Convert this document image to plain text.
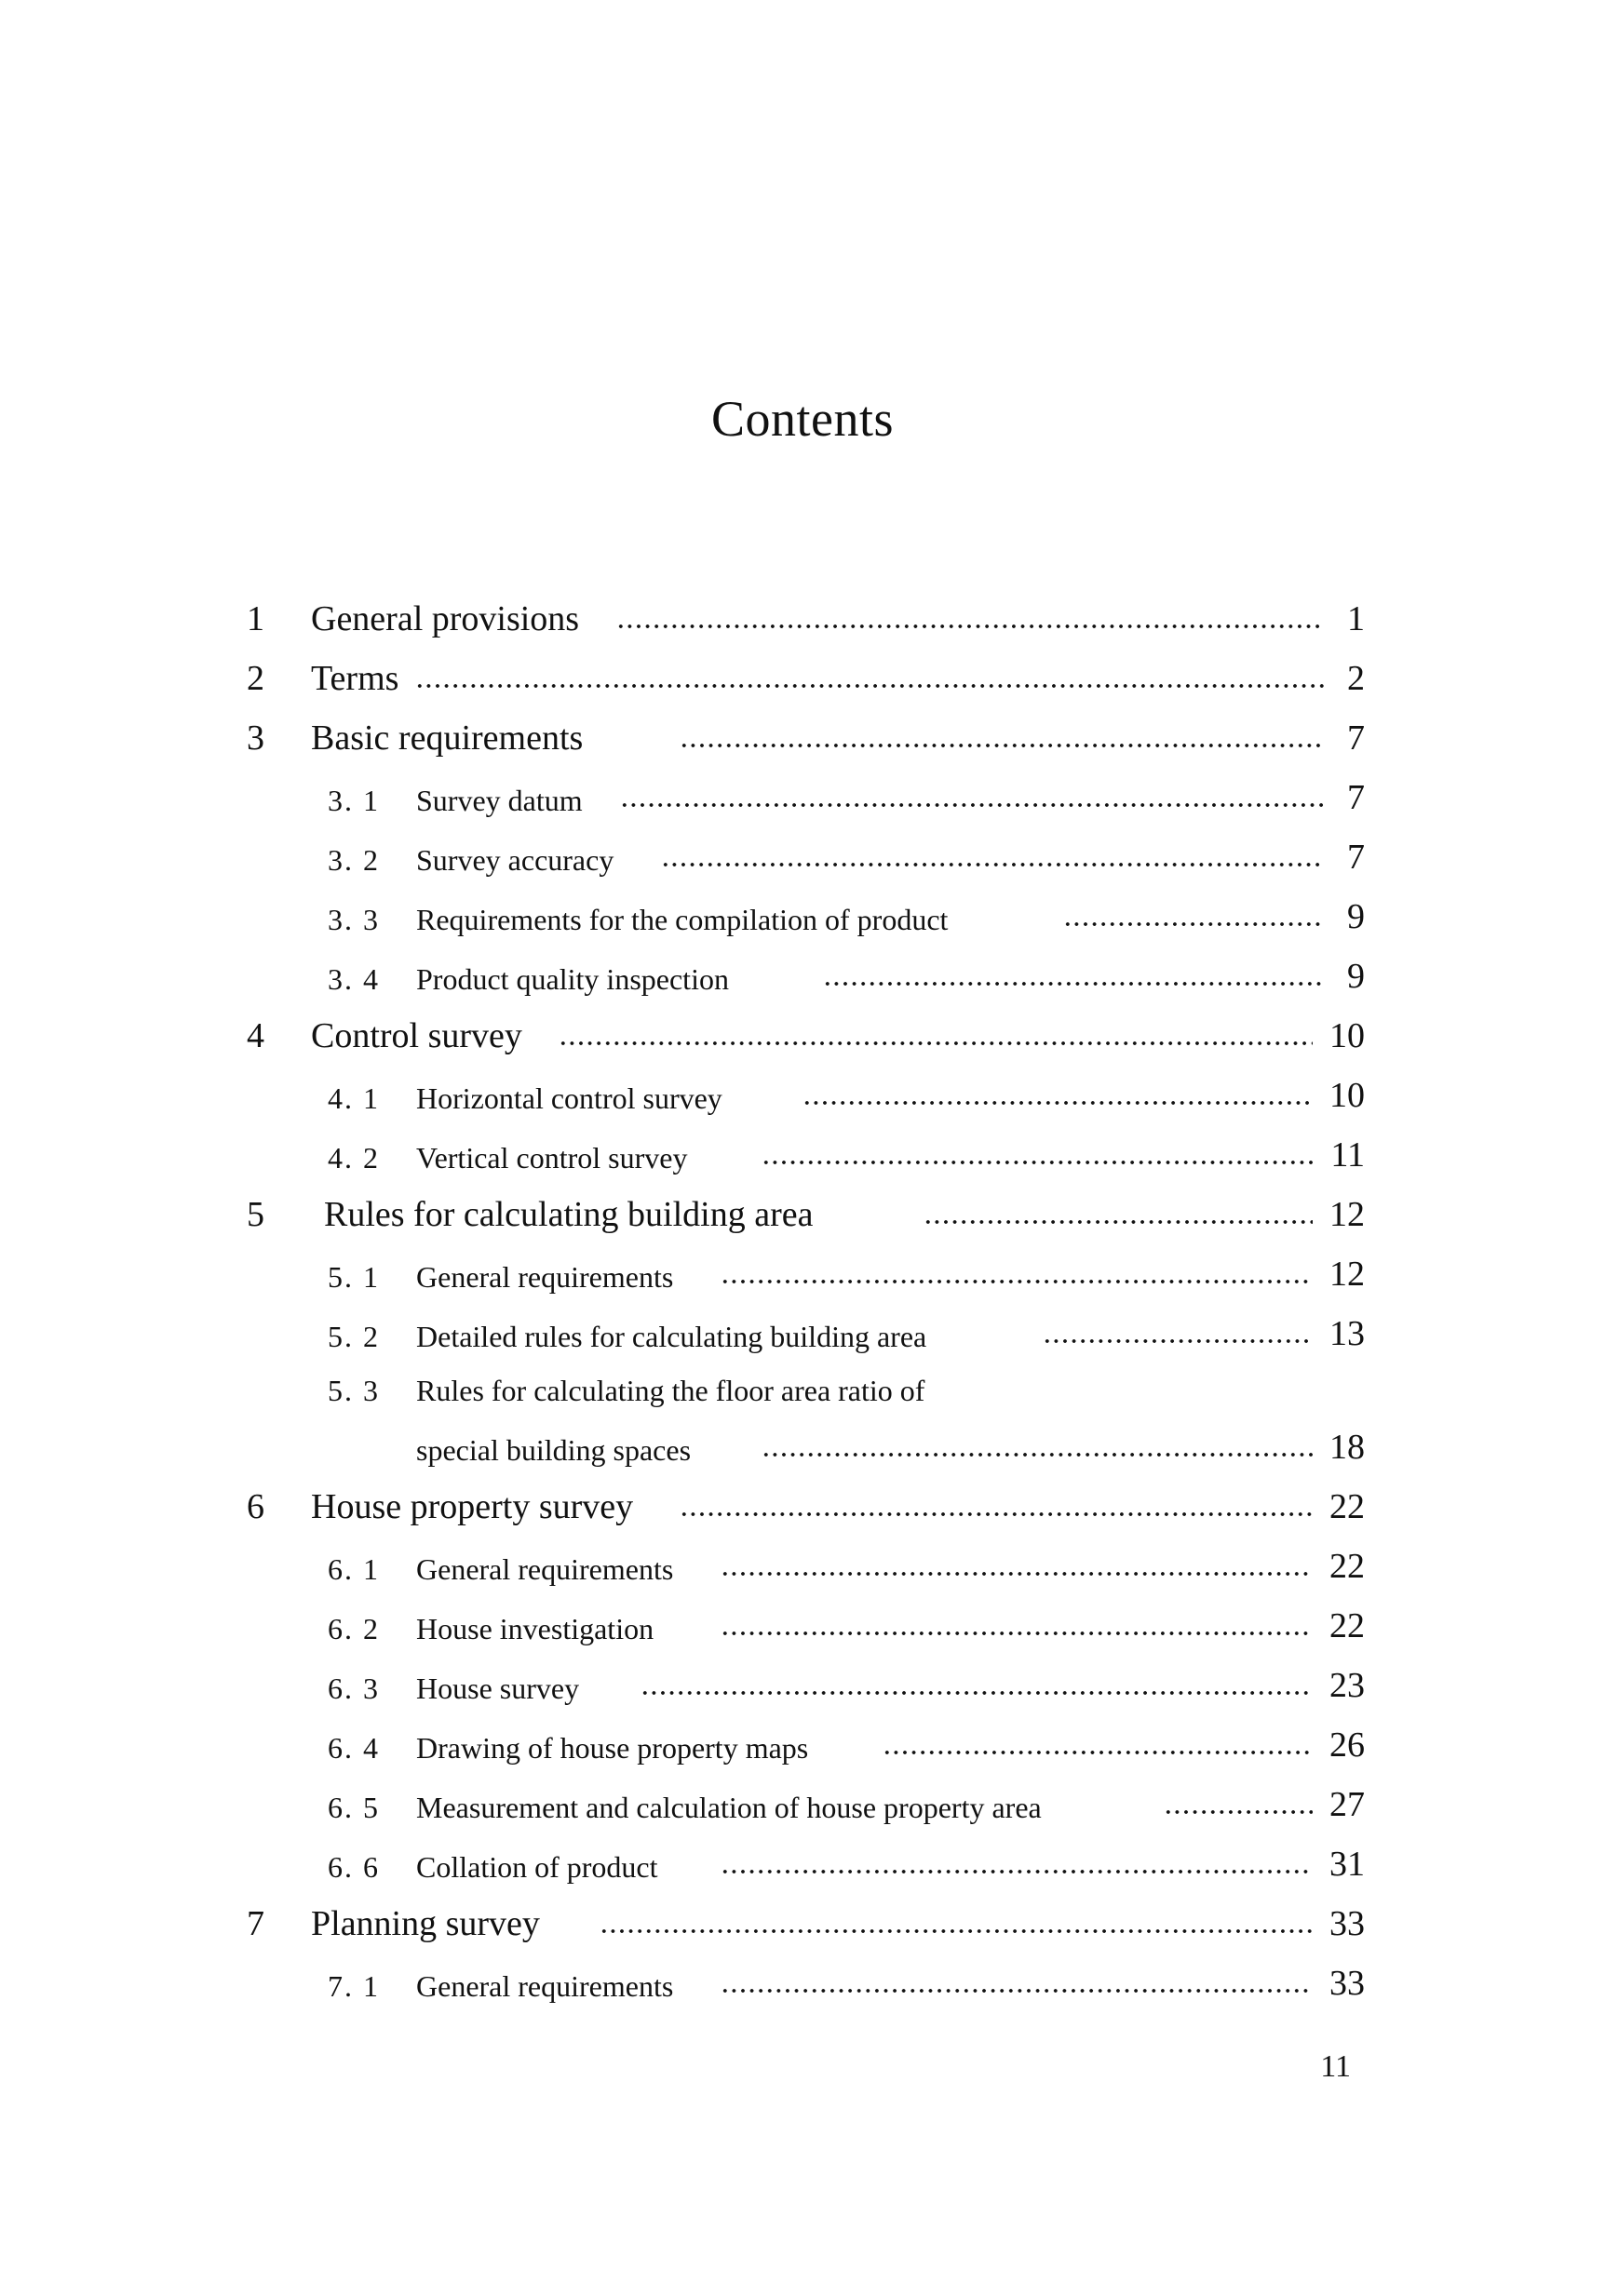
Contents
1 General provisions	1
2 Terms	2
3 Basic requirements	7
3. 1 Survey datum	7
3. 2 Survey accuracy	7
3. 3 Requirements for the compilation of product	9
3. 4 Product quality inspection	9
4 Control survey	10
4. 1 Horizontal control survey	10
4. 2 Vertical control survey	11
5 Rules for calculating building area	12
5. 1 General requirements	12
5. 2 Detailed rules for calculating building area	13
5. 3 Rules for calculating the floor area ratio of
special building spaces	18
6 House property survey	22
6. 1 General requirements	22
6. 2 House investigation	22
6. 3 House survey	23
6. 4 Drawing of house property maps	26
6. 5 Measurement and calculation of house property area	27
6. 6 Collation of product	31
7 Planning survey	33
7. 1 General requirements	33
11
